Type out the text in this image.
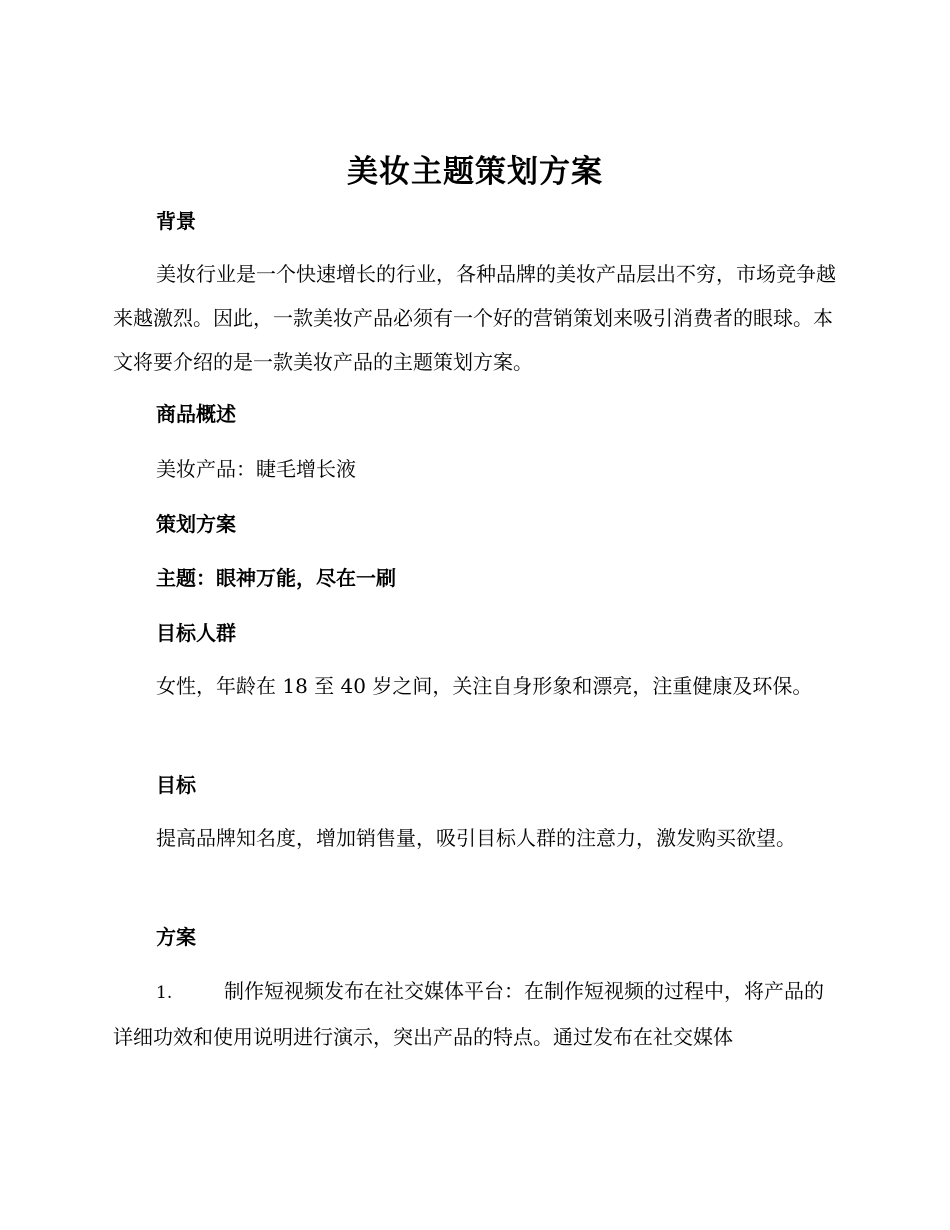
美妆主题策划方案
背景

美妆行业是一个快速增长的行业，各种品牌的美妆产品层出不穷，市场竞争越来越激烈。因此，一款美妆产品必须有一个好的营销策划来吸引消费者的眼球。本文将要介绍的是一款美妆产品的主题策划方案。

商品概述
美妆产品：睫毛增长液
策划方案
主题：眼神万能，尽在一刷
目标人群

女性，年龄在 18 至 40 岁之间，关注自身形象和漂亮，注重健康及环保。

目标

提高品牌知名度，增加销售量，吸引目标人群的注意力，激发购买欲望。

方案

1.	制作短视频发布在社交媒体平台：在制作短视频的过程中，将产品的详细功效和使用说明进行演示，突出产品的特点。通过发布在社交媒体
